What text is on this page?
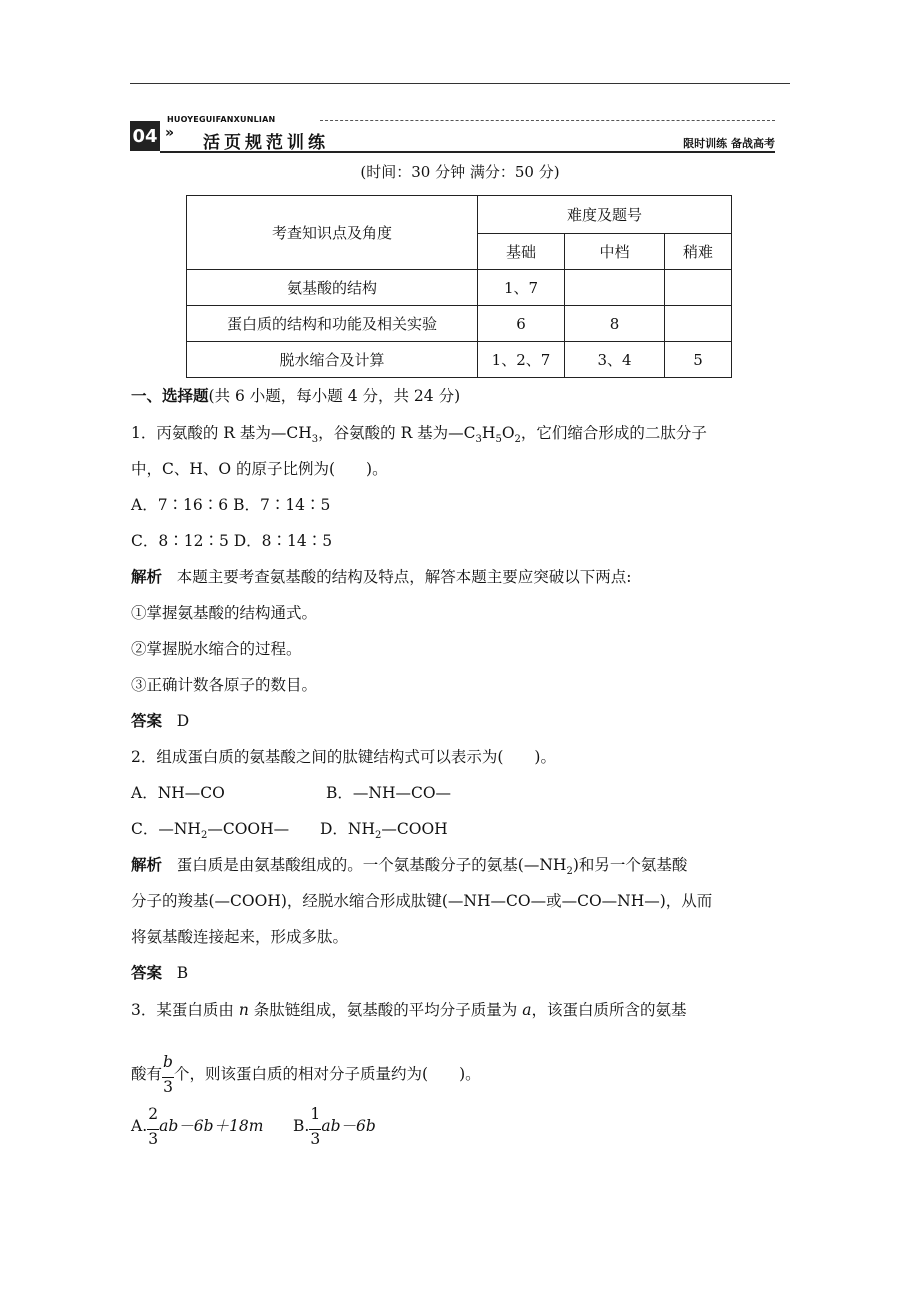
04 »
HUOYEGUIFANXUNLIAN
活页规范训练	限时训练 备战高考
(时间：30 分钟 满分：50 分)
考查知识点及角度	难度及题号		
	基础	中档	稍难
氨基酸的结构	1、7		
蛋白质的结构和功能及相关实验	6	8	
脱水缩合及计算	1、2、7	3、4	5
一、选择题(共 6 小题，每小题 4 分，共 24 分)
1．丙氨酸的 R 基为$—CH_3$，谷氨酸的 R 基为$—C_3H_5O_2$，它们缩合形成的二肽分子
中，C、H、O 的原子比例为(　　)。
A．7∶16∶6 B．7∶14∶5
C．8∶12∶5 D．8∶14∶5
解析 本题主要考查氨基酸的结构及特点，解答本题主要应突破以下两点:
①掌握氨基酸的结构通式。
②掌握脱水缩合的过程。
③正确计数各原子的数目。
答案 D
2．组成蛋白质的氨基酸之间的肽键结构式可以表示为(　　)。
A．NH—CO	B．—NH—CO—
C．$—NH_2—COOH—$ D．$NH_2—COOH$
解析 蛋白质是由氨基酸组成的。一个氨基酸分子的氨基$(—NH_2)$和另一个氨基酸
分子的羧基(—COOH)，经脱水缩合形成肽键(—NH—CO—或—CO—NH—)，从而
将氨基酸连接起来，形成多肽。
答案 B
3．某蛋白质由 n 条肽链组成，氨基酸的平均分子质量为 a，该蛋白质所含的氨基
酸有
$\frac{b}{3}$
个，则该蛋白质的相对分子质量约为(　　)。
A.
$\frac{2}{3}$
ab－6b＋18m B.
$\frac{1}{3}$
ab－6b
